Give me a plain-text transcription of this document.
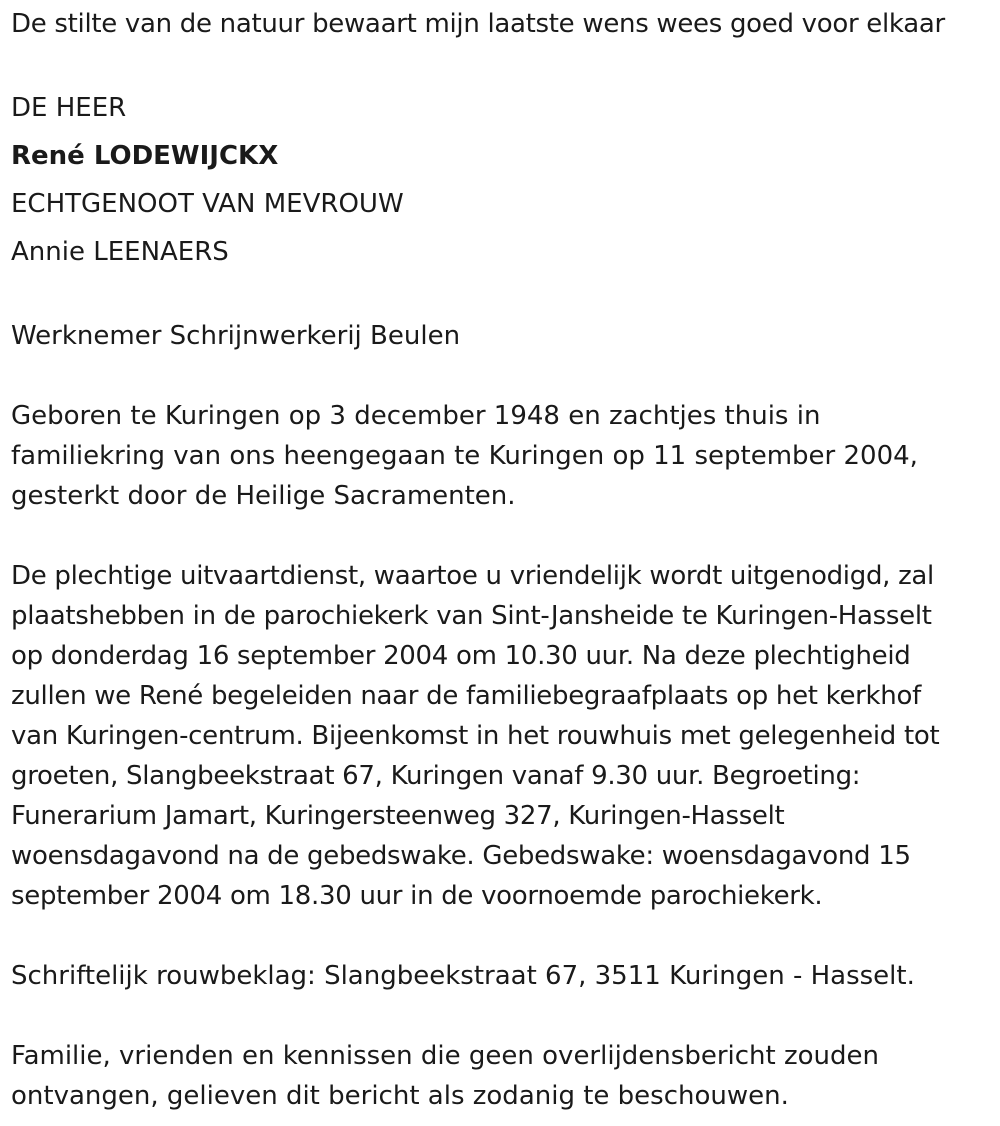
De stilte van de natuur bewaart mijn laatste wens wees goed voor elkaar
DE HEER
René LODEWIJCKX
ECHTGENOOT VAN MEVROUW
Annie LEENAERS
Werknemer Schrijnwerkerij Beulen
Geboren te Kuringen op 3 december 1948 en zachtjes thuis in
familiekring van ons heengegaan te Kuringen op 11 september 2004,
gesterkt door de Heilige Sacramenten.
De plechtige uitvaartdienst, waartoe u vriendelijk wordt uitgenodigd, zal
plaatshebben in de parochiekerk van Sint-Jansheide te Kuringen-Hasselt
op donderdag 16 september 2004 om 10.30 uur. Na deze plechtigheid
zullen we René begeleiden naar de familiebegraafplaats op het kerkhof
van Kuringen-centrum. Bijeenkomst in het rouwhuis met gelegenheid tot
groeten, Slangbeekstraat 67, Kuringen vanaf 9.30 uur. Begroeting:
Funerarium Jamart, Kuringersteenweg 327, Kuringen-Hasselt
woensdagavond na de gebedswake. Gebedswake: woensdagavond 15
september 2004 om 18.30 uur in de voornoemde parochiekerk.
Schriftelijk rouwbeklag: Slangbeekstraat 67, 3511 Kuringen - Hasselt.
Familie, vrienden en kennissen die geen overlijdensbericht zouden
ontvangen, gelieven dit bericht als zodanig te beschouwen.
